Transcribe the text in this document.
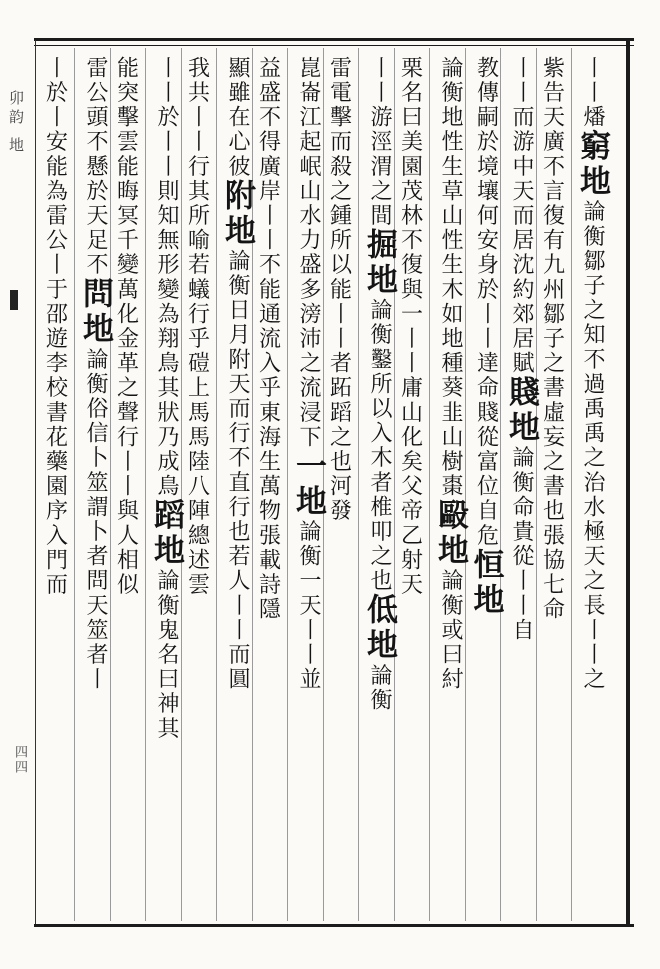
卯韵 地
四四
丨丨燔窮地論衡鄒子之知不過禹禹之治水極天之長丨丨之
紫告天廣不言復有九州鄒子之書虛妄之書也張協七命
丨丨而游中天而居沈約郊居賦賤地論衡命貴從丨丨自
教傳嗣於境壤何安身於丨丨達命賤從富位自危恒地
論衡地性生草山性生木如地種葵韭山樹棗毆地論衡或曰紂
栗名曰美園茂林不復與一丨丨庸山化矣父帝乙射天
丨丨游涇渭之間掘地論衡鑿所以入木者椎叩之也低地論衡
雷電擊而殺之鍾所以能丨丨者跖蹈之也河發
崑崙江起岷山水力盛多滂沛之流浸下一地論衡一天丨丨並
益盛不得廣岸丨丨不能通流入乎東海生萬物張載詩隱
顯雖在心彼附地論衡日月附天而行不直行也若人丨丨而圓
我共丨丨行其所喻若蟻行乎磑上馬馬陸八陣總述雲
丨丨於丨丨則知無形變為翔鳥其狀乃成鳥蹈地論衡鬼名曰神其
能突擊雲能晦冥千變萬化金革之聲行丨丨與人相似
雷公頭不懸於天足不問地論衡俗信卜筮謂卜者問天筮者丨
丨於丨安能為雷公丨于邵遊李校書花藥園序入門而
